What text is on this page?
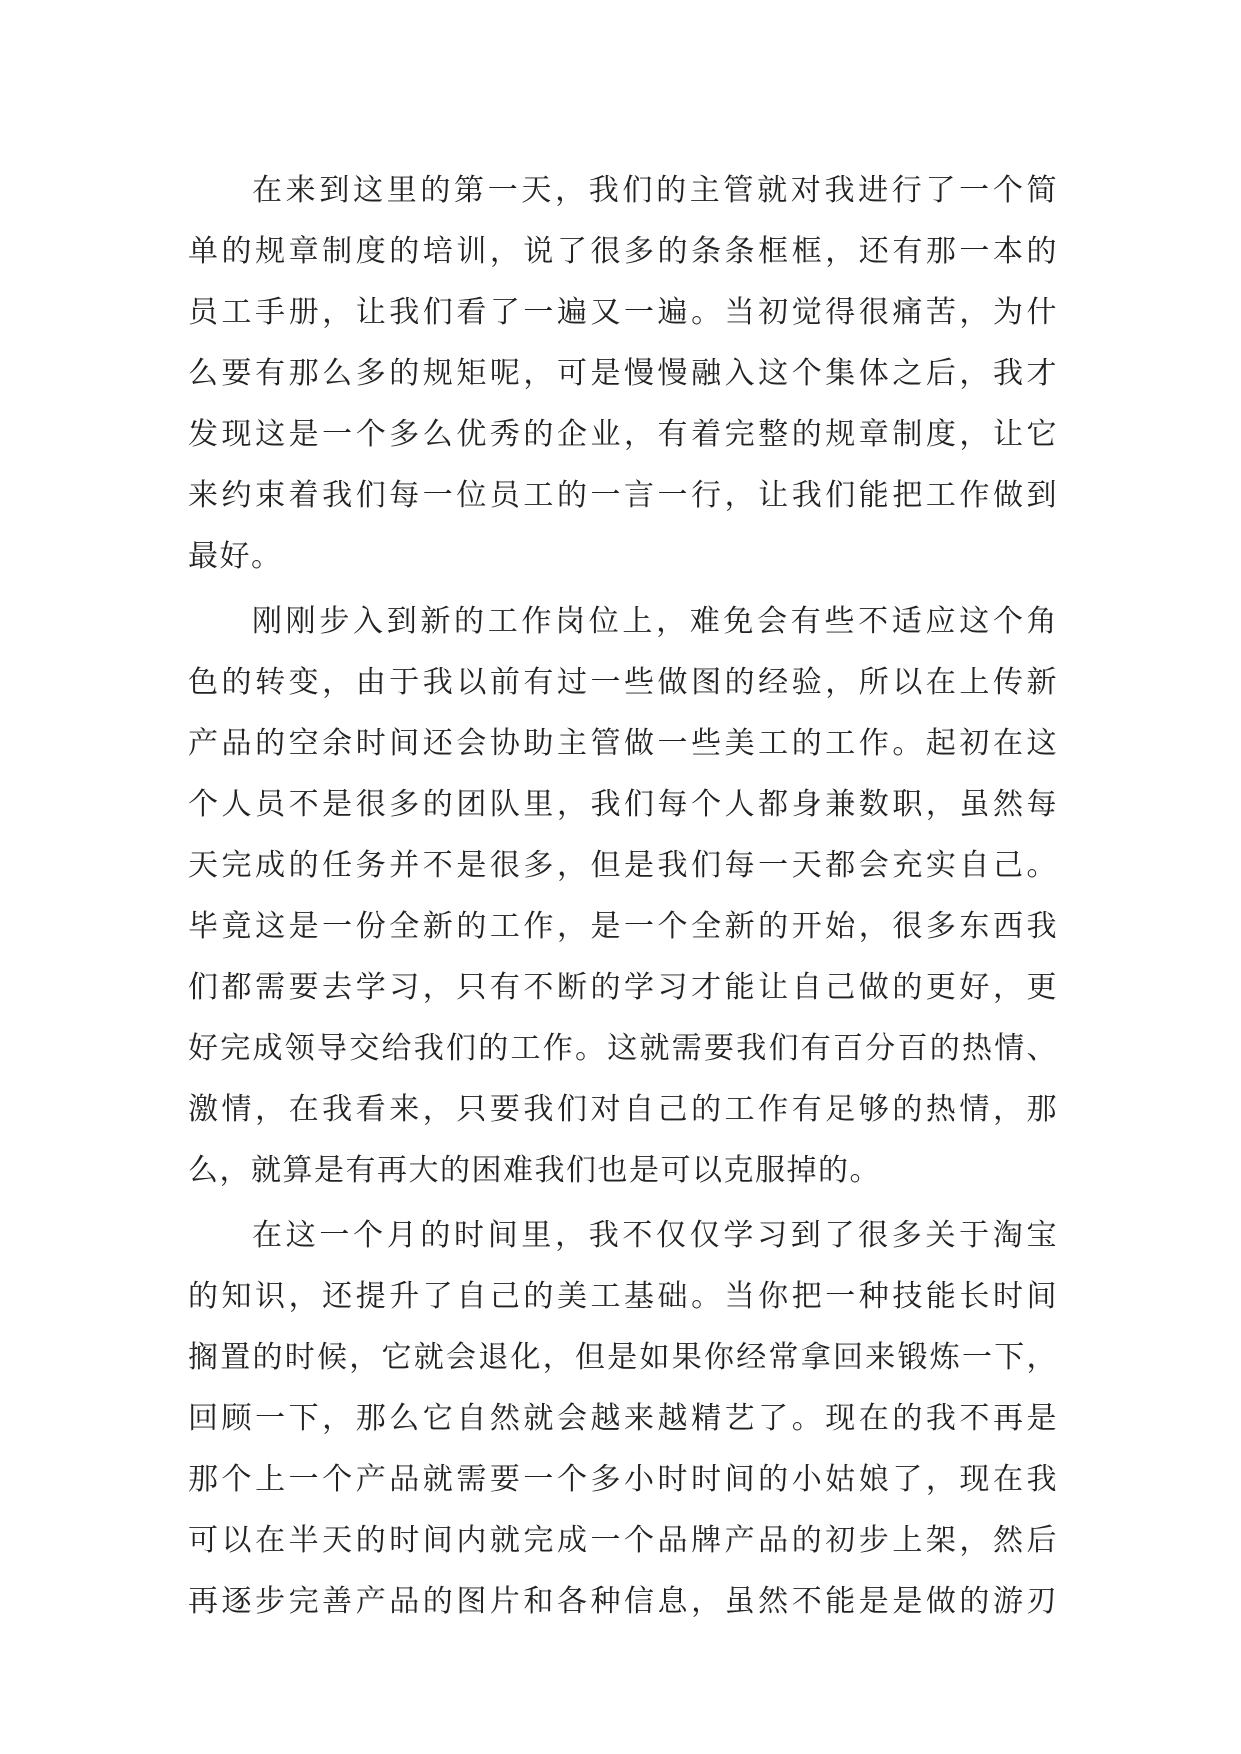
在来到这里的第一天，我们的主管就对我进行了一个简
单的规章制度的培训，说了很多的条条框框，还有那一本的
员工手册，让我们看了一遍又一遍。当初觉得很痛苦，为什
么要有那么多的规矩呢，可是慢慢融入这个集体之后，我才
发现这是一个多么优秀的企业，有着完整的规章制度，让它
来约束着我们每一位员工的一言一行，让我们能把工作做到
最好。
刚刚步入到新的工作岗位上，难免会有些不适应这个角
色的转变，由于我以前有过一些做图的经验，所以在上传新
产品的空余时间还会协助主管做一些美工的工作。起初在这
个人员不是很多的团队里，我们每个人都身兼数职，虽然每
天完成的任务并不是很多，但是我们每一天都会充实自己。
毕竟这是一份全新的工作，是一个全新的开始，很多东西我
们都需要去学习，只有不断的学习才能让自己做的更好，更
好完成领导交给我们的工作。这就需要我们有百分百的热情、
激情，在我看来，只要我们对自己的工作有足够的热情，那
么，就算是有再大的困难我们也是可以克服掉的。
在这一个月的时间里，我不仅仅学习到了很多关于淘宝
的知识，还提升了自己的美工基础。当你把一种技能长时间
搁置的时候，它就会退化，但是如果你经常拿回来锻炼一下，
回顾一下，那么它自然就会越来越精艺了。现在的我不再是
那个上一个产品就需要一个多小时时间的小姑娘了，现在我
可以在半天的时间内就完成一个品牌产品的初步上架，然后
再逐步完善产品的图片和各种信息，虽然不能是是做的游刃
